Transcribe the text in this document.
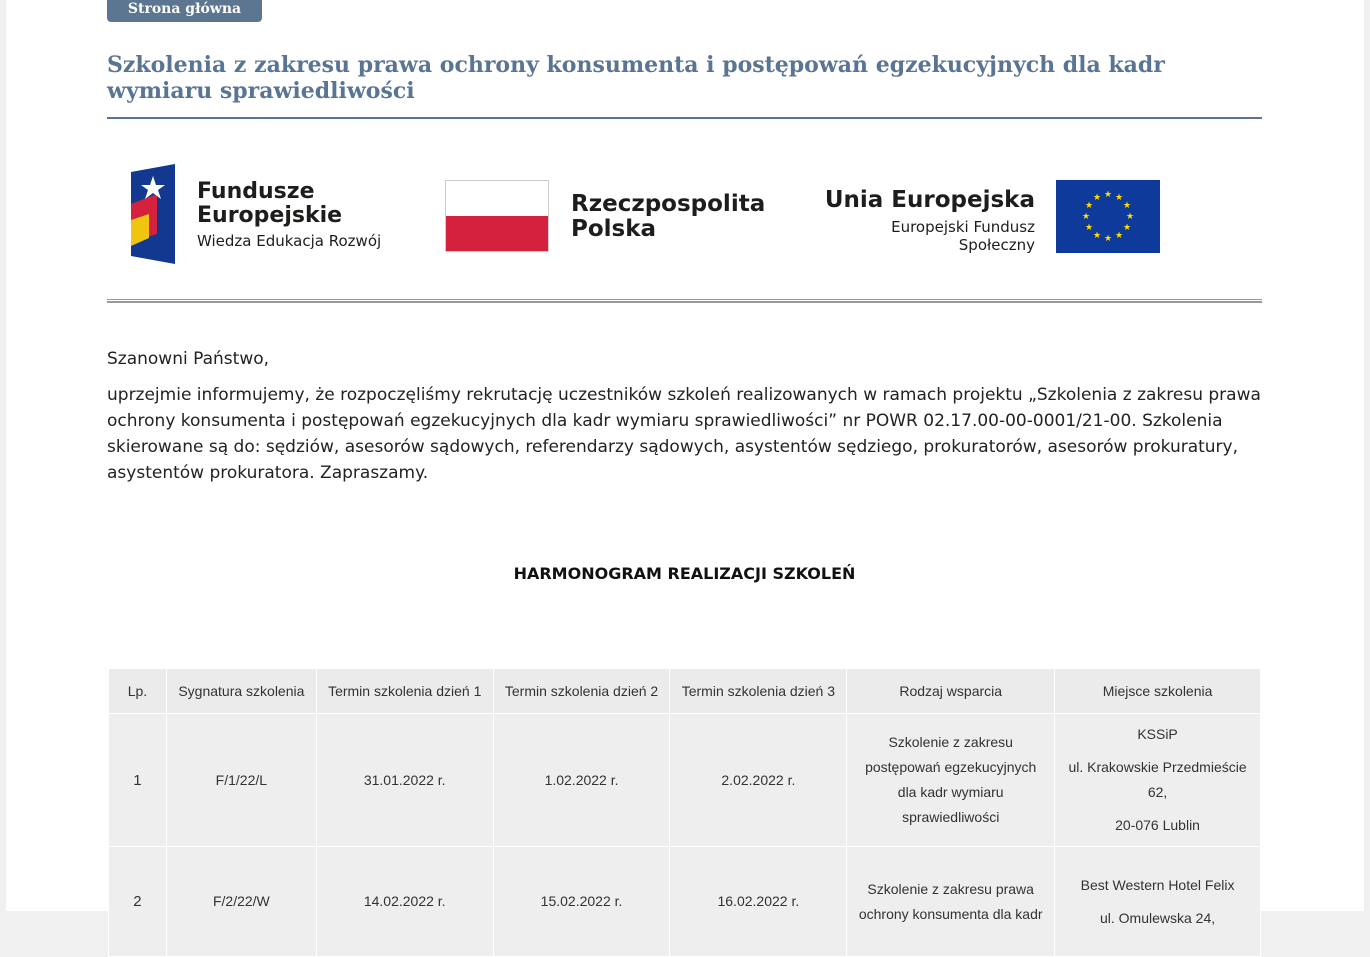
Strona główna
Szkolenia z zakresu prawa ochrony konsumenta i postępowań egzekucyjnych dla kadr wymiaru sprawiedliwości
Fundusze
Europejskie
Wiedza Edukacja Rozwój
Rzeczpospolita
Polska
Unia Europejska
Europejski Fundusz Społeczny
★ ★
★
★
★
★
★
★
★
★
★
★

Szanowni Państwo,

uprzejmie informujemy, że rozpoczęliśmy rekrutację uczestników szkoleń realizowanych w ramach projektu „Szkolenia z zakresu prawa ochrony konsumenta i postępowań egzekucyjnych dla kadr wymiaru sprawiedliwości” nr POWR 02.17.00-00-0001/21-00. Szkolenia skierowane są do: sędziów, asesorów sądowych, referendarzy sądowych, asystentów sędziego, prokuratorów, asesorów prokuratury, asystentów prokuratora. Zapraszamy.

HARMONOGRAM REALIZACJI SZKOLEŃ
Lp.	Sygnatura szkolenia	Termin szkolenia dzień 1	Termin szkolenia dzień 2	Termin szkolenia dzień 3	Rodzaj wsparcia	Miejsce szkolenia
1	F/1/22/L	31.01.2022 r.	1.02.2022 r.	2.02.2022 r.	Szkolenie z zakresu postępowań egzekucyjnych dla kadr wymiaru sprawiedliwości	KSSiP
ul. Krakowskie Przedmieście 62,
20-076 Lublin

2	F/2/22/W	14.02.2022 r.	15.02.2022 r.	16.02.2022 r.	Szkolenie z zakresu prawa ochrony konsumenta dla kadr	Best Western Hotel Felix
ul. Omulewska 24,
